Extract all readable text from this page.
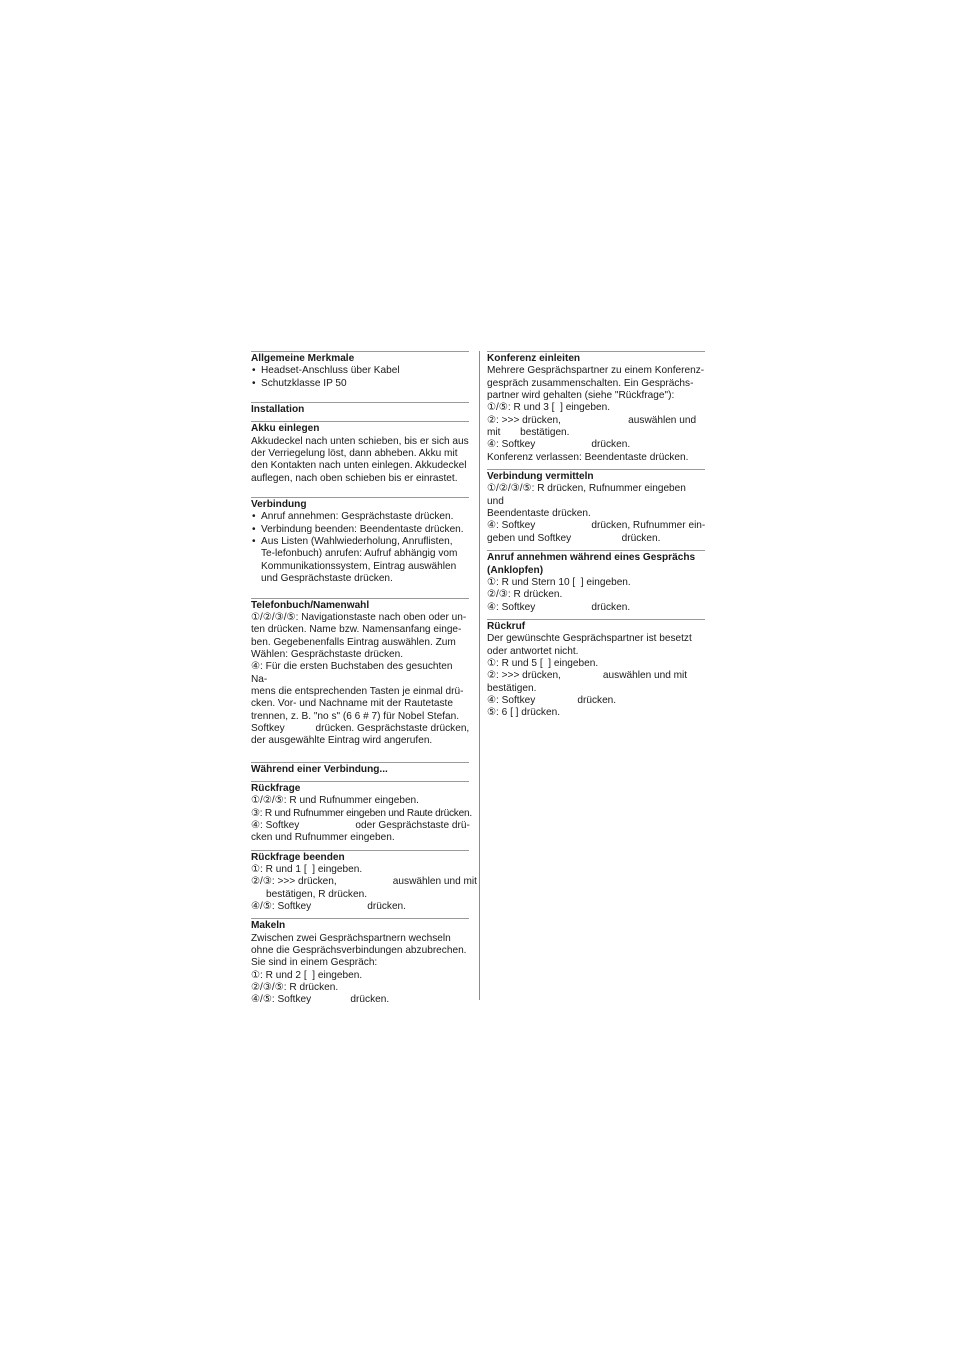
Allgemeine Merkmale
• Headset-Anschluss über Kabel
• Schutzklasse IP 50
Installation
Akku einlegen

Akkudeckel nach unten schieben, bis er sich aus

der Verriegelung löst, dann abheben. Akku mit

den Kontakten nach unten einlegen. Akkudeckel

auflegen, nach oben schieben bis er einrastet.

Verbindung
• Anruf annehmen: Gesprächstaste drücken.
• Verbindung beenden: Beendentaste drücken.
• Aus Listen (Wahlwiederholung, Anruflisten, Te-lefonbuch) anrufen: Aufruf abhängig vom Kommunikationssystem, Eintrag auswählen und Gesprächstaste drücken.
Telefonbuch/Namenwahl

①/②/③/⑤: Navigationstaste nach oben oder un-

ten drücken. Name bzw. Namensanfang einge-

ben. Gegebenenfalls Eintrag auswählen. Zum

Wählen: Gesprächstaste drücken.

④: Für die ersten Buchstaben des gesuchten Na-

mens die entsprechenden Tasten je einmal drü-

cken. Vor- und Nachname mit der Rautetaste

trennen, z. B. "no s" (6 6 # 7) für Nobel Stefan.

Softkey           drücken. Gesprächstaste drücken,

der ausgewählte Eintrag wird angerufen.

Während einer Verbindung...
Rückfrage

①/②/⑤: R und Rufnummer eingeben.

③: R und Rufnummer eingeben und Raute drücken.

④: Softkey                    oder Gesprächstaste drü-

cken und Rufnummer eingeben.

Rückfrage beenden

①: R und 1 [  ] eingeben.

②/③: >>> drücken,                    auswählen und mit

bestätigen, R drücken.

④/⑤: Softkey                    drücken.

Makeln

Zwischen zwei Gesprächspartnern wechseln

ohne die Gesprächsverbindungen abzubrechen.

Sie sind in einem Gespräch:

①: R und 2 [  ] eingeben.

②/③/⑤: R drücken.

④/⑤: Softkey              drücken.

Konferenz einleiten

Mehrere Gesprächspartner zu einem Konferenz-

gespräch zusammenschalten. Ein Gesprächs-

partner wird gehalten (siehe "Rückfrage"):

①/⑤: R und 3 [  ] eingeben.

②: >>> drücken,                        auswählen und

mit       bestätigen.

④: Softkey                    drücken.

Konferenz verlassen: Beendentaste drücken.

Verbindung vermitteln

①/②/③/⑤: R drücken, Rufnummer eingeben und

Beendentaste drücken.

④: Softkey                    drücken, Rufnummer ein-

geben und Softkey                  drücken.

Anruf annehmen während eines Gesprächs (Anklopfen)

①: R und Stern 10 [  ] eingeben.

②/③: R drücken.

④: Softkey                    drücken.

Rückruf

Der gewünschte Gesprächspartner ist besetzt

oder antwortet nicht.

①: R und 5 [  ] eingeben.

②: >>> drücken,               auswählen und mit

bestätigen.

④: Softkey               drücken.

⑤: 6 [ ] drücken.
